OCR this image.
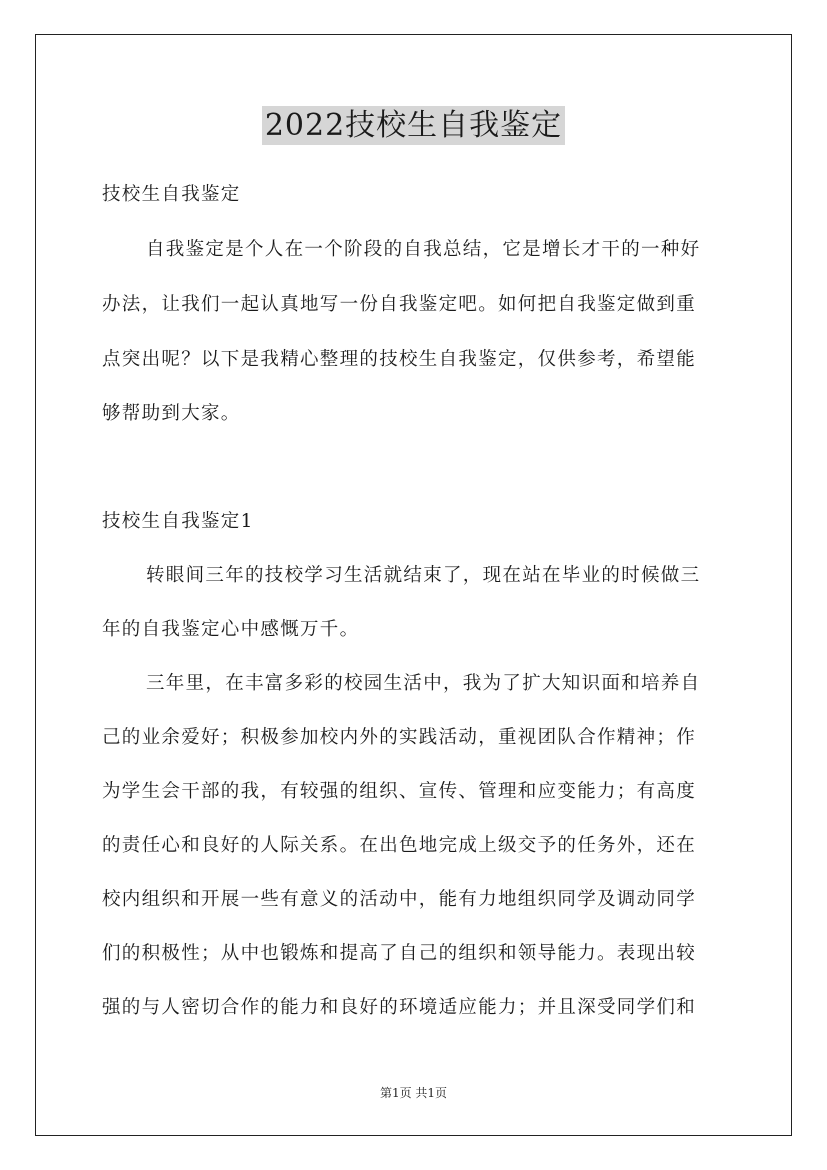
2022技校生自我鉴定
技校生自我鉴定
自我鉴定是个人在一个阶段的自我总结，它是增长才干的一种好
办法，让我们一起认真地写一份自我鉴定吧。如何把自我鉴定做到重
点突出呢？以下是我精心整理的技校生自我鉴定，仅供参考，希望能
够帮助到大家。
技校生自我鉴定1
转眼间三年的技校学习生活就结束了，现在站在毕业的时候做三
年的自我鉴定心中感慨万千。
三年里，在丰富多彩的校园生活中，我为了扩大知识面和培养自
己的业余爱好；积极参加校内外的实践活动，重视团队合作精神；作
为学生会干部的我，有较强的组织、宣传、管理和应变能力；有高度
的责任心和良好的人际关系。在出色地完成上级交予的任务外，还在
校内组织和开展一些有意义的活动中，能有力地组织同学及调动同学
们的积极性；从中也锻炼和提高了自己的组织和领导能力。表现出较
强的与人密切合作的能力和良好的环境适应能力；并且深受同学们和
第1页 共1页
